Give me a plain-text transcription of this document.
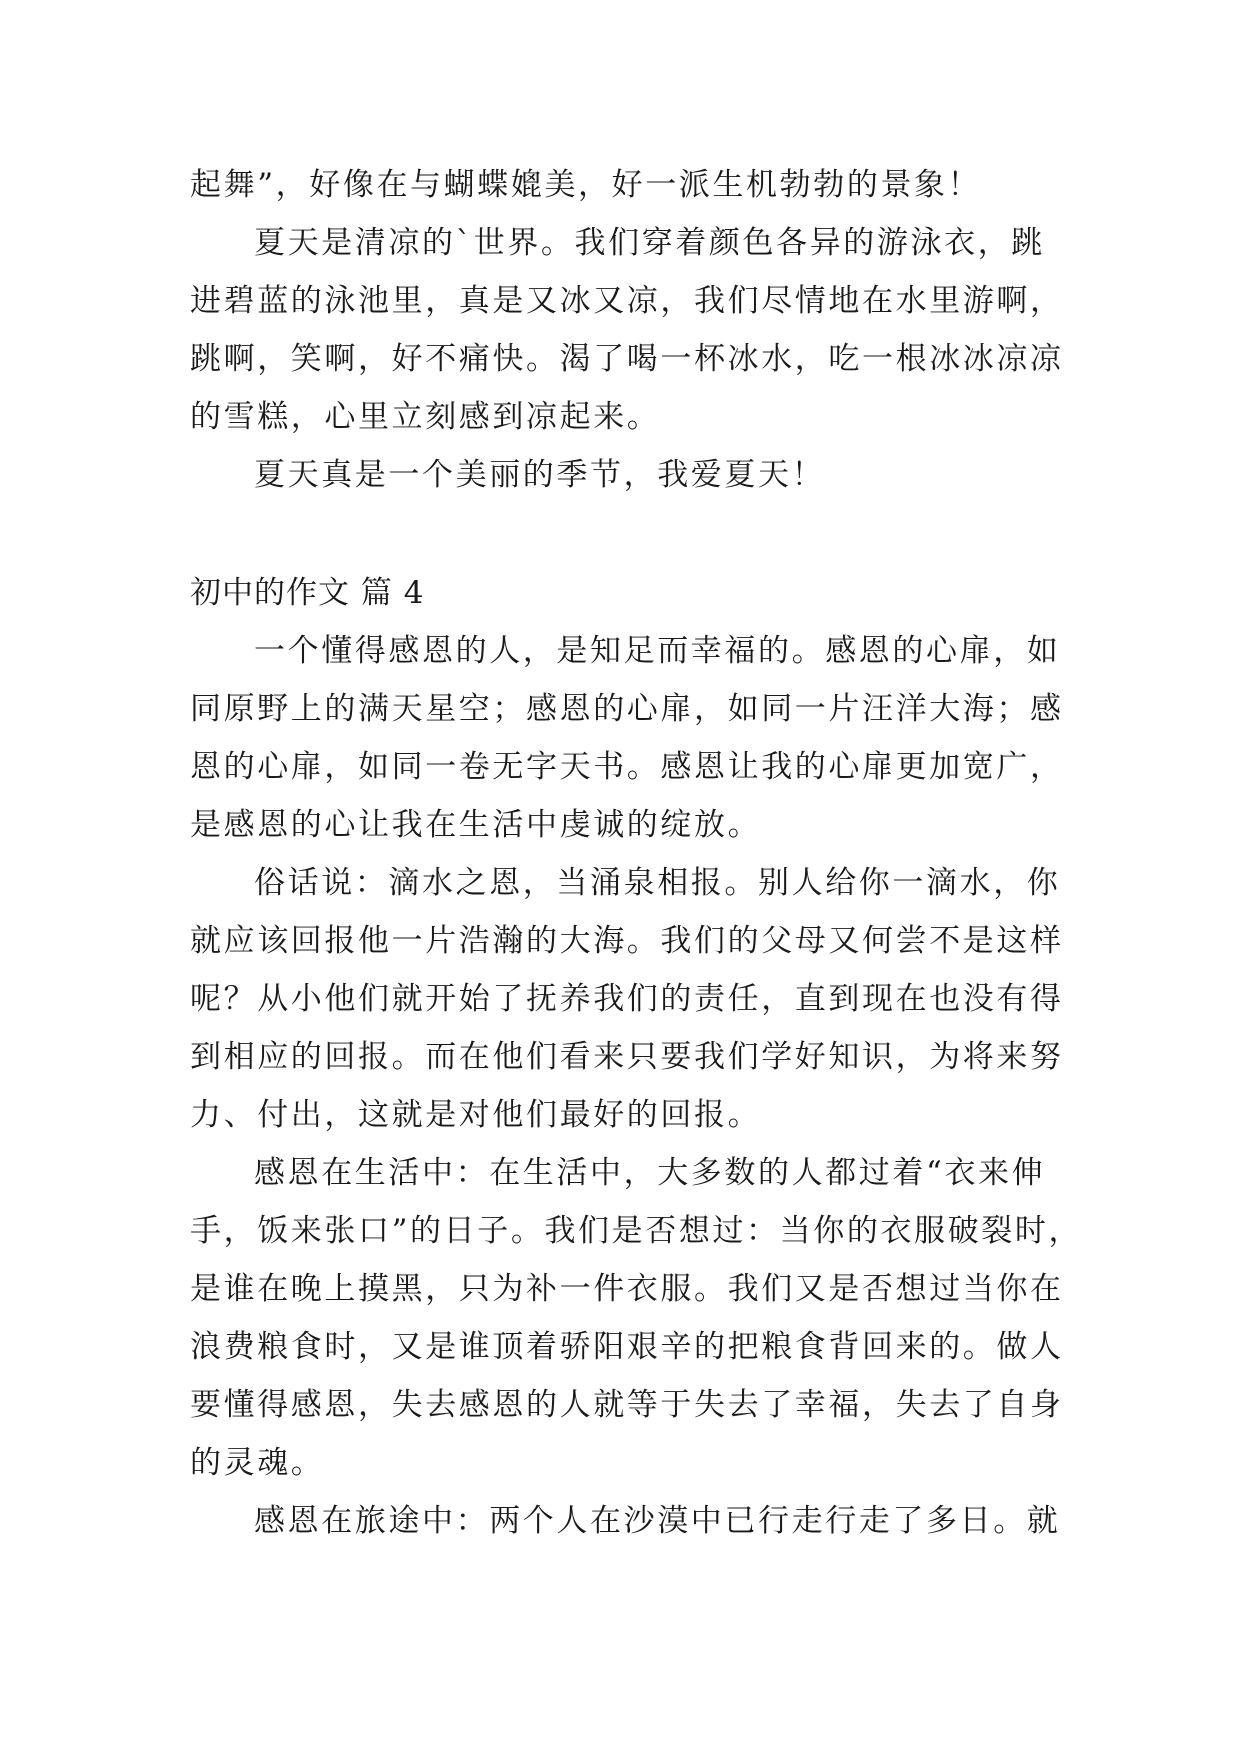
起舞”，好像在与蝴蝶媲美，好一派生机勃勃的景象！
夏天是清凉的`世界。我们穿着颜色各异的游泳衣，跳
进碧蓝的泳池里，真是又冰又凉，我们尽情地在水里游啊，
跳啊，笑啊，好不痛快。渴了喝一杯冰水，吃一根冰冰凉凉
的雪糕，心里立刻感到凉起来。
夏天真是一个美丽的季节，我爱夏天！
初中的作文 篇 4
一个懂得感恩的人，是知足而幸福的。感恩的心扉，如
同原野上的满天星空；感恩的心扉，如同一片汪洋大海；感
恩的心扉，如同一卷无字天书。感恩让我的心扉更加宽广，
是感恩的心让我在生活中虔诚的绽放。
俗话说：滴水之恩，当涌泉相报。别人给你一滴水，你
就应该回报他一片浩瀚的大海。我们的父母又何尝不是这样
呢？从小他们就开始了抚养我们的责任，直到现在也没有得
到相应的回报。而在他们看来只要我们学好知识，为将来努
力、付出，这就是对他们最好的回报。
感恩在生活中：在生活中，大多数的人都过着“衣来伸
手，饭来张口”的日子。我们是否想过：当你的衣服破裂时，
是谁在晚上摸黑，只为补一件衣服。我们又是否想过当你在
浪费粮食时，又是谁顶着骄阳艰辛的把粮食背回来的。做人
要懂得感恩，失去感恩的人就等于失去了幸福，失去了自身
的灵魂。
感恩在旅途中：两个人在沙漠中已行走行走了多日。就
